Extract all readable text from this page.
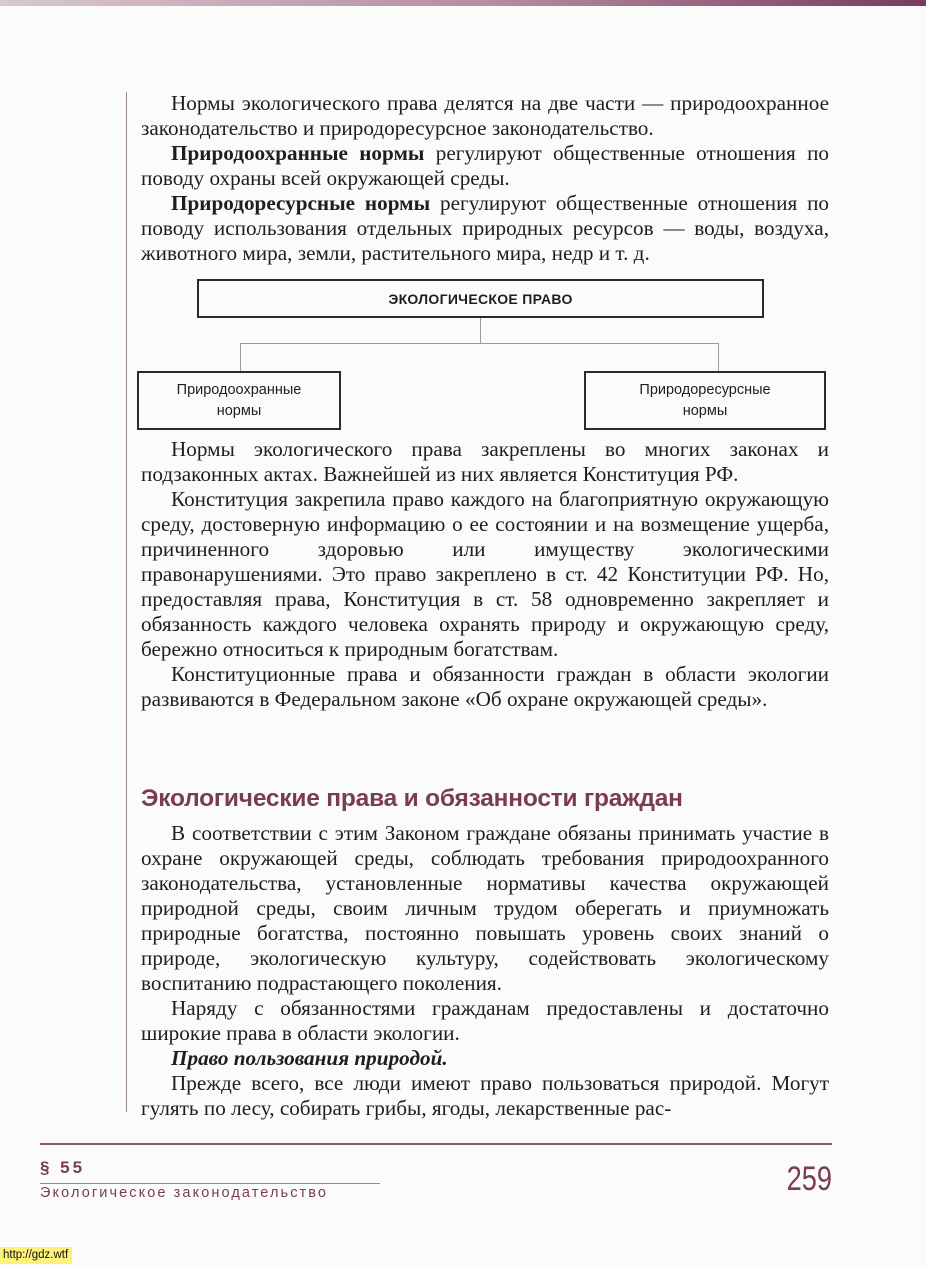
Нормы экологического права делятся на две части — природоохранное законодательство и природоресурсное законодательство.

Природоохранные нормы регулируют общественные отношения по поводу охраны всей окружающей среды.

Природоресурсные нормы регулируют общественные отношения по поводу использования отдельных природных ресурсов — воды, воздуха, животного мира, земли, растительного мира, недр и т. д.

ЭКОЛОГИЧЕСКОЕ ПРАВО
Природоохранные
нормы
Природоресурсные
нормы

Нормы экологического права закреплены во многих законах и подзаконных актах. Важнейшей из них является Конституция РФ.

Конституция закрепила право каждого на благоприятную окружающую среду, достоверную информацию о ее состоянии и на возмещение ущерба, причиненного здоровью или имуществу экологическими правонарушениями. Это право закреплено в ст. 42 Конституции РФ. Но, предоставляя права, Конституция в ст. 58 одновременно закрепляет и обязанность каждого человека охранять природу и окружающую среду, бережно относиться к природным богатствам.

Конституционные права и обязанности граждан в области экологии развиваются в Федеральном законе «Об охране окружающей среды».

Экологические права и обязанности граждан

В соответствии с этим Законом граждане обязаны принимать участие в охране окружающей среды, соблюдать требования природоохранного законодательства, установленные нормативы качества окружающей природной среды, своим личным трудом оберегать и приумножать природные богатства, постоянно повышать уровень своих знаний о природе, экологическую культуру, содействовать экологическому воспитанию подрастающего поколения.

Наряду с обязанностями гражданам предоставлены и достаточно широкие права в области экологии.

Право пользования природой.

Прежде всего, все люди имеют право пользоваться природой. Могут гулять по лесу, собирать грибы, ягоды, лекарственные рас-

§ 55
Экологическое законодательство	259
http://gdz.wtf
